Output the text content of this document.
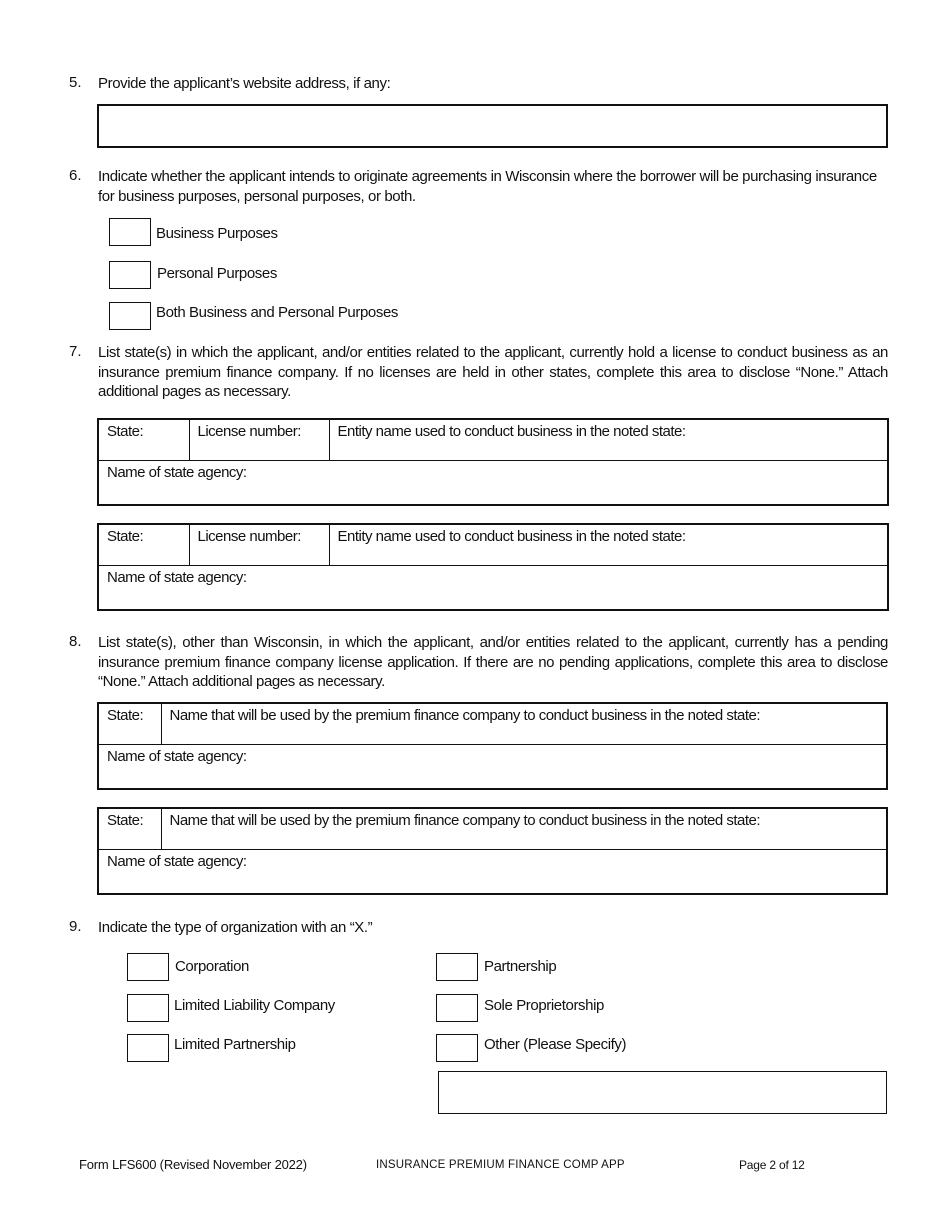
5. Provide the applicant’s website address, if any:
6. Indicate whether the applicant intends to originate agreements in Wisconsin where the borrower will be purchasing insurance for business purposes, personal purposes, or both.
Business Purposes
Personal Purposes
Both Business and Personal Purposes
7. List state(s) in which the applicant, and/or entities related to the applicant, currently hold a license to conduct business as an insurance premium finance company. If no licenses are held in other states, complete this area to disclose “None.” Attach additional pages as necessary.
State:	License number:	Entity name used to conduct business in the noted state:
Name of state agency:
State:	License number:	Entity name used to conduct business in the noted state:
Name of state agency:
8. List state(s), other than Wisconsin, in which the applicant, and/or entities related to the applicant, currently has a pending insurance premium finance company license application. If there are no pending applications, complete this area to disclose “None.” Attach additional pages as necessary.
State:	Name that will be used by the premium finance company to conduct business in the noted state:
Name of state agency:
State:	Name that will be used by the premium finance company to conduct business in the noted state:
Name of state agency:
9. Indicate the type of organization with an “X.”
Corporation
Limited Liability Company
Limited Partnership
Partnership
Sole Proprietorship
Other (Please Specify)
Form LFS600 (Revised November 2022)	INSURANCE PREMIUM FINANCE COMP APP	Page 2 of 12
